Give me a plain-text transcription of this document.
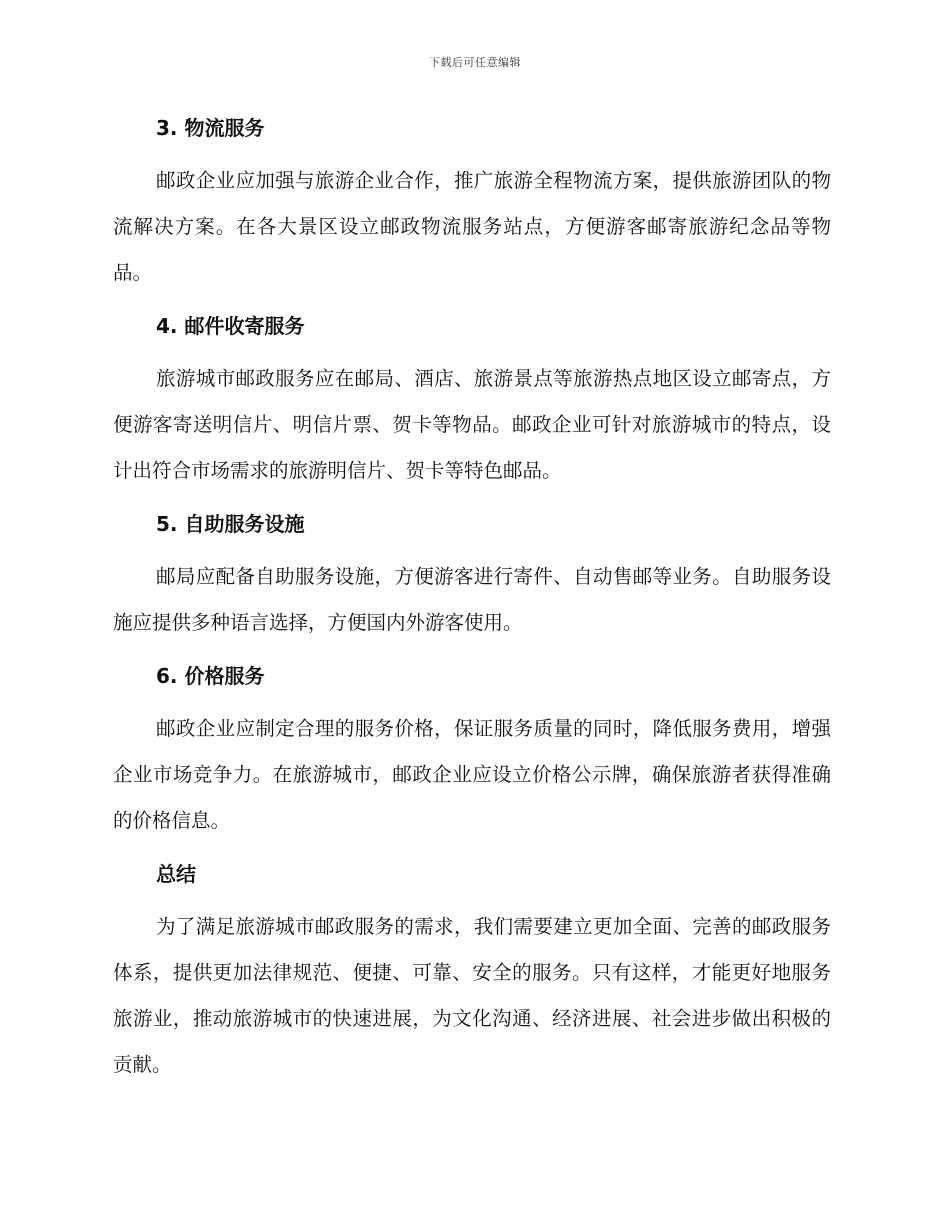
下载后可任意编辑
3. 物流服务

邮政企业应加强与旅游企业合作，推广旅游全程物流方案，提供旅游团队的物流解决方案。在各大景区设立邮政物流服务站点，方便游客邮寄旅游纪念品等物品。

4. 邮件收寄服务

旅游城市邮政服务应在邮局、酒店、旅游景点等旅游热点地区设立邮寄点，方便游客寄送明信片、明信片票、贺卡等物品。邮政企业可针对旅游城市的特点，设计出符合市场需求的旅游明信片、贺卡等特色邮品。

5. 自助服务设施

邮局应配备自助服务设施，方便游客进行寄件、自动售邮等业务。自助服务设施应提供多种语言选择，方便国内外游客使用。

6. 价格服务

邮政企业应制定合理的服务价格，保证服务质量的同时，降低服务费用，增强企业市场竞争力。在旅游城市，邮政企业应设立价格公示牌，确保旅游者获得准确的价格信息。

总结

为了满足旅游城市邮政服务的需求，我们需要建立更加全面、完善的邮政服务体系，提供更加法律规范、便捷、可靠、安全的服务。只有这样，才能更好地服务旅游业，推动旅游城市的快速进展，为文化沟通、经济进展、社会进步做出积极的贡献。
